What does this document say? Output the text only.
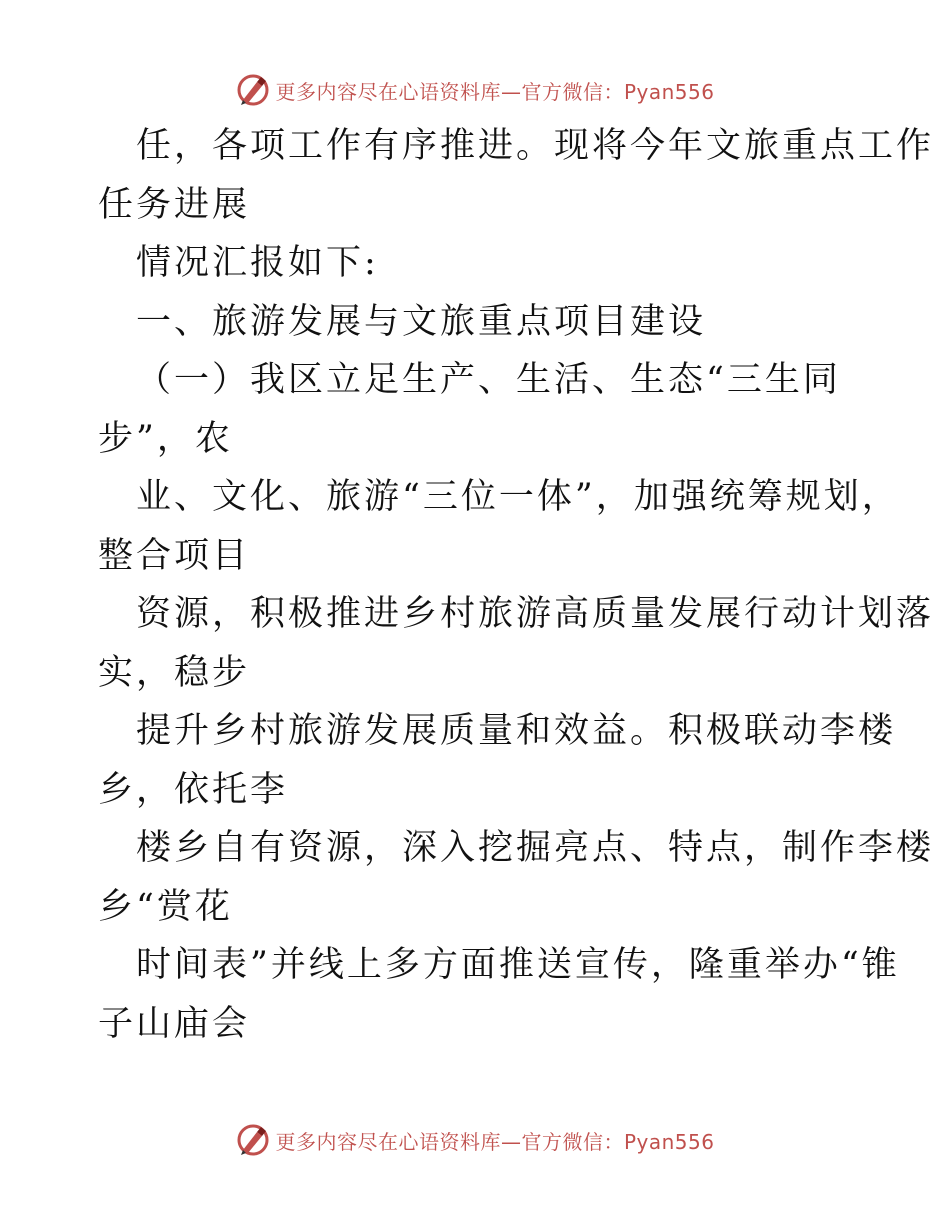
更多内容尽在心语资料库—官方微信：Pyan556
任，各项工作有序推进。现将今年文旅重点工作
任务进展
情况汇报如下:
一、旅游发展与文旅重点项目建设
（一）我区立足生产、生活、生态“三生同
步”，农
业、文化、旅游“三位一体”，加强统筹规划，
整合项目
资源，积极推进乡村旅游高质量发展行动计划落
实，稳步
提升乡村旅游发展质量和效益。积极联动李楼
乡，依托李
楼乡自有资源，深入挖掘亮点、特点，制作李楼
乡“赏花
时间表”并线上多方面推送宣传，隆重举办“锥
子山庙会
更多内容尽在心语资料库—官方微信：Pyan556
